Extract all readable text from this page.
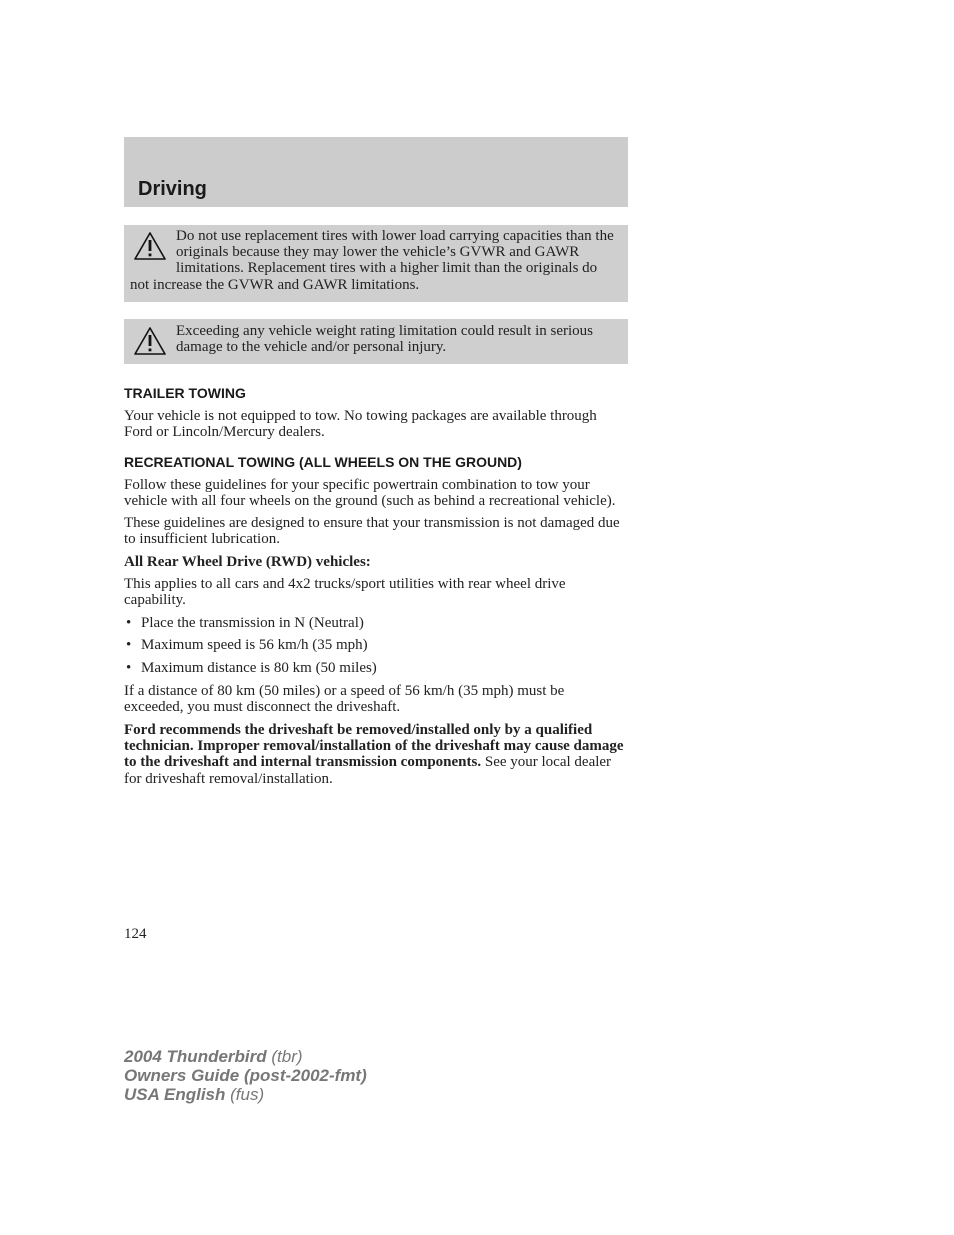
Driving
Do not use replacement tires with lower load carrying capacities than the originals because they may lower the vehicle’s GVWR and GAWR limitations. Replacement tires with a higher limit than the originals do not increase the GVWR and GAWR limitations.
Exceeding any vehicle weight rating limitation could result in serious damage to the vehicle and/or personal injury.
TRAILER TOWING

Your vehicle is not equipped to tow. No towing packages are available through Ford or Lincoln/Mercury dealers.

RECREATIONAL TOWING (ALL WHEELS ON THE GROUND)

Follow these guidelines for your specific powertrain combination to tow your vehicle with all four wheels on the ground (such as behind a recreational vehicle).

These guidelines are designed to ensure that your transmission is not damaged due to insufficient lubrication.

All Rear Wheel Drive (RWD) vehicles:

This applies to all cars and 4x2 trucks/sport utilities with rear wheel drive capability.

• Place the transmission in N (Neutral)
• Maximum speed is 56 km/h (35 mph)
• Maximum distance is 80 km (50 miles)

If a distance of 80 km (50 miles) or a speed of 56 km/h (35 mph) must be exceeded, you must disconnect the driveshaft.

Ford recommends the driveshaft be removed/installed only by a qualified technician. Improper removal/installation of the driveshaft may cause damage to the driveshaft and internal transmission components. See your local dealer for driveshaft removal/installation.

124
2004 Thunderbird (tbr)
Owners Guide (post-2002-fmt)
USA English (fus)
